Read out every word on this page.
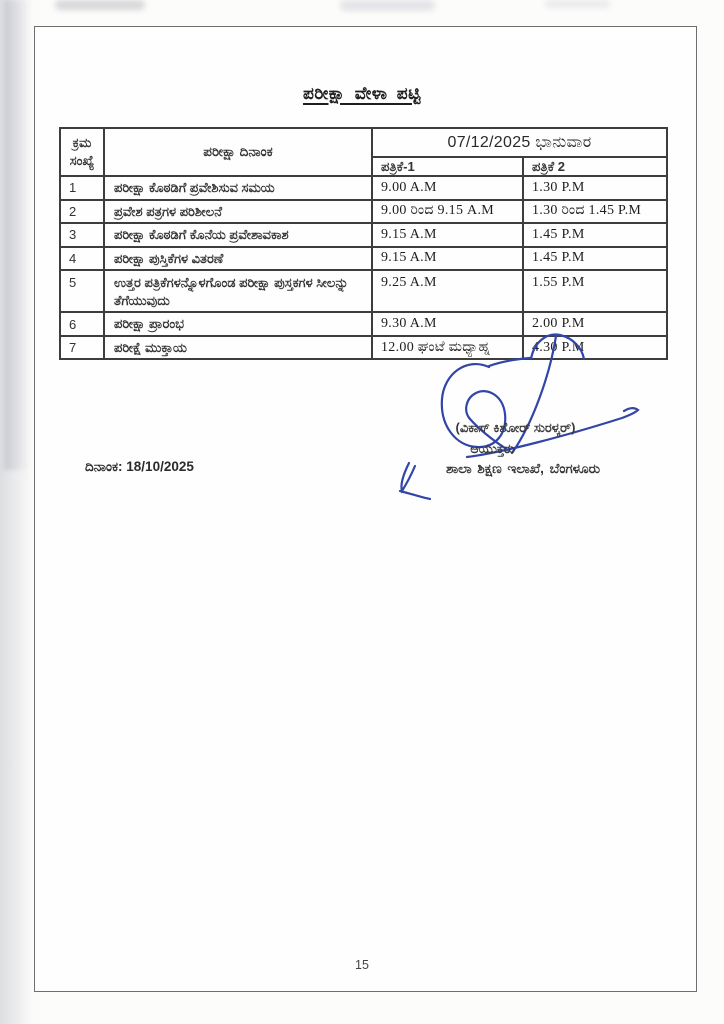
ಪರೀಕ್ಷಾ ವೇಳಾ ಪಟ್ಟಿ
ಕ್ರಮ ಸಂಖ್ಯೆ	ಪರೀಕ್ಷಾ ದಿನಾಂಕ	07/12/2025 ಭಾನುವಾರ	
		ಪತ್ರಿಕೆ-1	ಪತ್ರಿಕೆ 2
1	ಪರೀಕ್ಷಾ ಕೊಠಡಿಗೆ ಪ್ರವೇಶಿಸುವ ಸಮಯ	9.00 A.M	1.30 P.M
2	ಪ್ರವೇಶ ಪತ್ರಗಳ ಪರಿಶೀಲನೆ	9.00 ರಿಂದ 9.15 A.M	1.30 ರಿಂದ 1.45 P.M
3	ಪರೀಕ್ಷಾ ಕೊಠಡಿಗೆ ಕೊನೆಯ ಪ್ರವೇಶಾವಕಾಶ	9.15 A.M	1.45 P.M
4	ಪರೀಕ್ಷಾ ಪುಸ್ತಿಕೆಗಳ ವಿತರಣೆ	9.15 A.M	1.45 P.M
5	ಉತ್ತರ ಪತ್ರಿಕೆಗಳನ್ನೊಳಗೊಂಡ ಪರೀಕ್ಷಾ ಪುಸ್ತಕಗಳ ಸೀಲನ್ನು ತೆಗೆಯುವುದು	9.25 A.M	1.55 P.M
6	ಪರೀಕ್ಷಾ ಪ್ರಾರಂಭ	9.30 A.M	2.00 P.M
7	ಪರೀಕ್ಷೆ ಮುಕ್ತಾಯ	12.00 ಘಂಟೆ ಮಧ್ಯಾಹ್ನ	4.30 P.M
(ವಿಕಾಸ್ ಕಿಶೋರ್ ಸುರಳ್ಕರ್)
ಆಯುಕ್ತರು
ಶಾಲಾ ಶಿಕ್ಷಣ ಇಲಾಖೆ, ಬೆಂಗಳೂರು
ದಿನಾಂಕ: 18/10/2025
15
